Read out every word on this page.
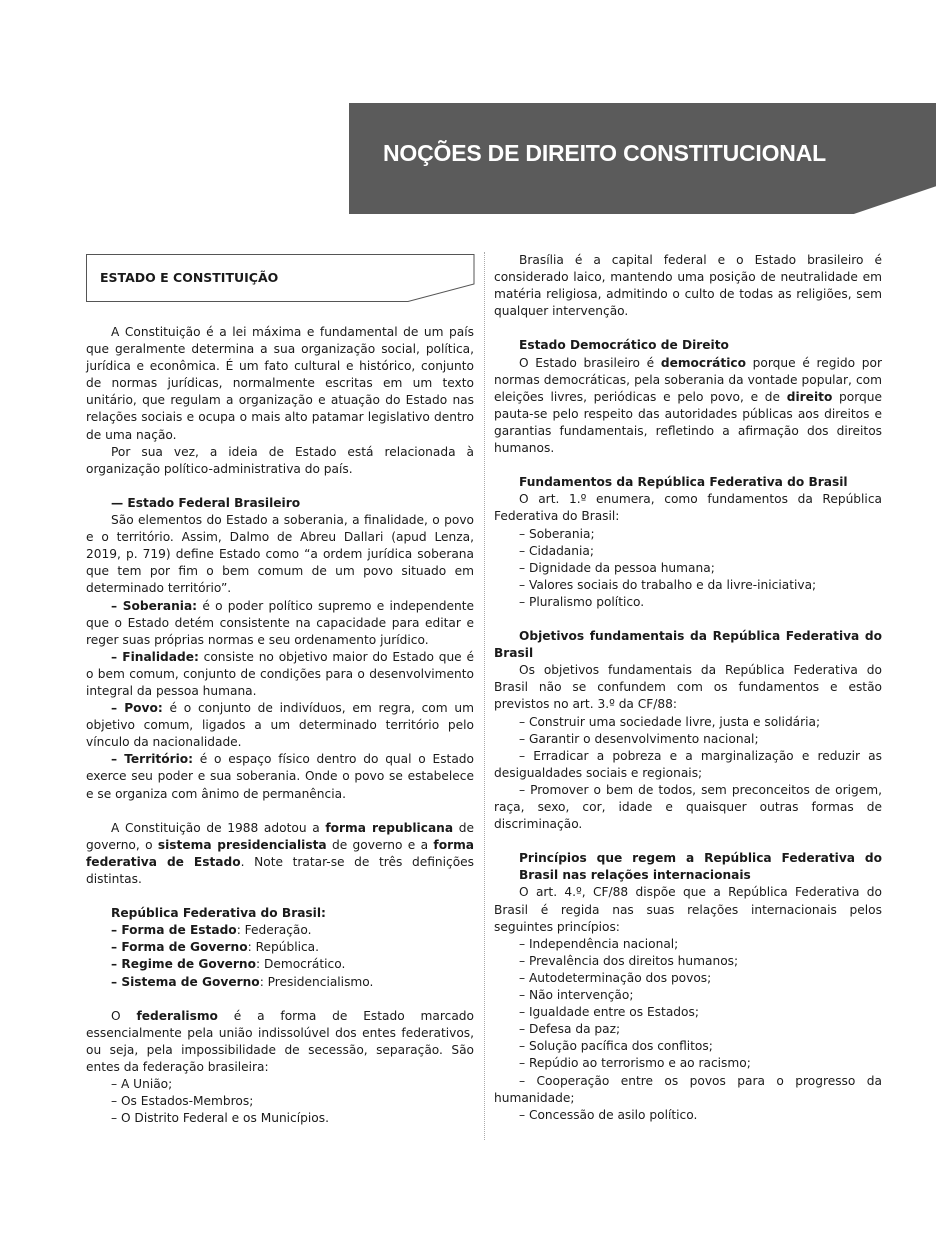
NOÇÕES DE DIREITO CONSTITUCIONAL
ESTADO E CONSTITUIÇÃO

A Constituição é a lei máxima e fundamental de um país que geralmente determina a sua organização social, política, jurídica e econômica. É um fato cultural e histórico, conjunto de normas jurídicas, normalmente escritas em um texto unitário, que regulam a organização e atuação do Estado nas relações sociais e ocupa o mais alto patamar legislativo dentro de uma nação.

Por sua vez, a ideia de Estado está relacionada à organização político-administrativa do país.

— Estado Federal Brasileiro

São elementos do Estado a soberania, a finalidade, o povo e o território. Assim, Dalmo de Abreu Dallari (apud Lenza, 2019, p. 719) define Estado como “a ordem jurídica soberana que tem por fim o bem comum de um povo situado em determinado território”.

– Soberania: é o poder político supremo e independente que o Estado detém consistente na capacidade para editar e reger suas próprias normas e seu ordenamento jurídico.

– Finalidade: consiste no objetivo maior do Estado que é o bem comum, conjunto de condições para o desenvolvimento integral da pessoa humana.

– Povo: é o conjunto de indivíduos, em regra, com um objetivo comum, ligados a um determinado território pelo vínculo da nacionalidade.

– Território: é o espaço físico dentro do qual o Estado exerce seu poder e sua soberania. Onde o povo se estabelece e se organiza com ânimo de permanência.

A Constituição de 1988 adotou a forma republicana de governo, o sistema presidencialista de governo e a forma federativa de Estado. Note tratar-se de três definições distintas.

República Federativa do Brasil:

– Forma de Estado: Federação.

– Forma de Governo: República.

– Regime de Governo: Democrático.

– Sistema de Governo: Presidencialismo.

O federalismo é a forma de Estado marcado essencialmente pela união indissolúvel dos entes federativos, ou seja, pela impossibilidade de secessão, separação. São entes da federação brasileira:

– A União;

– Os Estados-Membros;

– O Distrito Federal e os Municípios.

Brasília é a capital federal e o Estado brasileiro é considerado laico, mantendo uma posição de neutralidade em matéria religiosa, admitindo o culto de todas as religiões, sem qualquer intervenção.

Estado Democrático de Direito

O Estado brasileiro é democrático porque é regido por normas democráticas, pela soberania da vontade popular, com eleições livres, periódicas e pelo povo, e de direito porque pauta-se pelo respeito das autoridades públicas aos direitos e garantias fundamentais, refletindo a afirmação dos direitos humanos.

Fundamentos da República Federativa do Brasil

O art. 1.º enumera, como fundamentos da República Federativa do Brasil:

– Soberania;

– Cidadania;

– Dignidade da pessoa humana;

– Valores sociais do trabalho e da livre-iniciativa;

– Pluralismo político.

Objetivos fundamentais da República Federativa do Brasil

Os objetivos fundamentais da República Federativa do Brasil não se confundem com os fundamentos e estão previstos no art. 3.º da CF/88:

– Construir uma sociedade livre, justa e solidária;

– Garantir o desenvolvimento nacional;

– Erradicar a pobreza e a marginalização e reduzir as desigualdades sociais e regionais;

– Promover o bem de todos, sem preconceitos de origem, raça, sexo, cor, idade e quaisquer outras formas de discriminação.

Princípios que regem a República Federativa do Brasil nas relações internacionais

O art. 4.º, CF/88 dispõe que a República Federativa do Brasil é regida nas suas relações internacionais pelos seguintes princípios:

– Independência nacional;

– Prevalência dos direitos humanos;

– Autodeterminação dos povos;

– Não intervenção;

– Igualdade entre os Estados;

– Defesa da paz;

– Solução pacífica dos conflitos;

– Repúdio ao terrorismo e ao racismo;

– Cooperação entre os povos para o progresso da humanidade;

– Concessão de asilo político.
